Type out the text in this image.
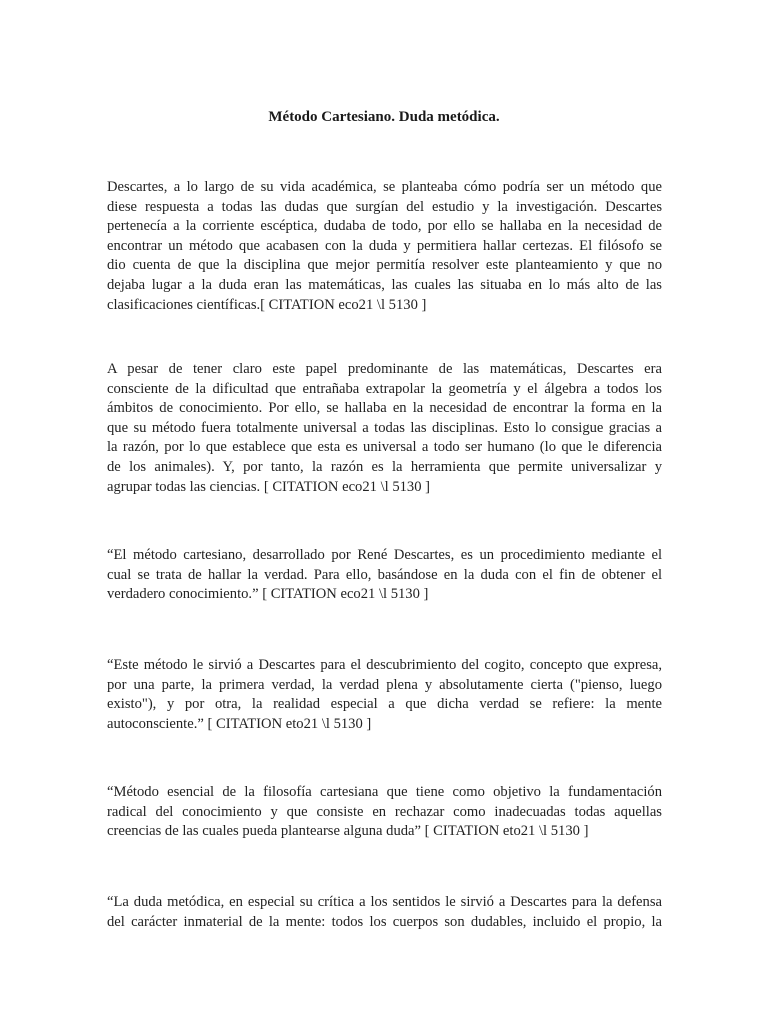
Método Cartesiano. Duda metódica.
Descartes, a lo largo de su vida académica, se planteaba cómo podría ser un método que
diese respuesta a todas las dudas que surgían del estudio y la investigación. Descartes
pertenecía a la corriente escéptica, dudaba de todo, por ello se hallaba en la necesidad de
encontrar un método que acabasen con la duda y permitiera hallar certezas. El filósofo se
dio cuenta de que la disciplina que mejor permitía resolver este planteamiento y que no
dejaba lugar a la duda eran las matemáticas, las cuales las situaba en lo más alto de las
clasificaciones científicas.[ CITATION eco21 \l 5130 ]
A pesar de tener claro este papel predominante de las matemáticas, Descartes era
consciente de la dificultad que entrañaba extrapolar la geometría y el álgebra a todos los
ámbitos de conocimiento. Por ello, se hallaba en la necesidad de encontrar la forma en la
que su método fuera totalmente universal a todas las disciplinas. Esto lo consigue gracias a
la razón, por lo que establece que esta es universal a todo ser humano (lo que le diferencia
de los animales). Y, por tanto, la razón es la herramienta que permite universalizar y
agrupar todas las ciencias. [ CITATION eco21 \l 5130 ]
“El método cartesiano, desarrollado por René Descartes, es un procedimiento mediante el
cual se trata de hallar la verdad. Para ello, basándose en la duda con el fin de obtener el
verdadero conocimiento.” [ CITATION eco21 \l 5130 ]
“Este método le sirvió a Descartes para el descubrimiento del cogito, concepto que expresa,
por una parte, la primera verdad, la verdad plena y absolutamente cierta ("pienso, luego
existo"), y por otra, la realidad especial a que dicha verdad se refiere: la mente
autoconsciente.” [ CITATION eto21 \l 5130 ]
“Método esencial de la filosofía cartesiana que tiene como objetivo la fundamentación
radical del conocimiento y que consiste en rechazar como inadecuadas todas aquellas
creencias de las cuales pueda plantearse alguna duda” [ CITATION eto21 \l 5130 ]
“La duda metódica, en especial su crítica a los sentidos le sirvió a Descartes para la defensa
del carácter inmaterial de la mente: todos los cuerpos son dudables, incluido el propio, la
